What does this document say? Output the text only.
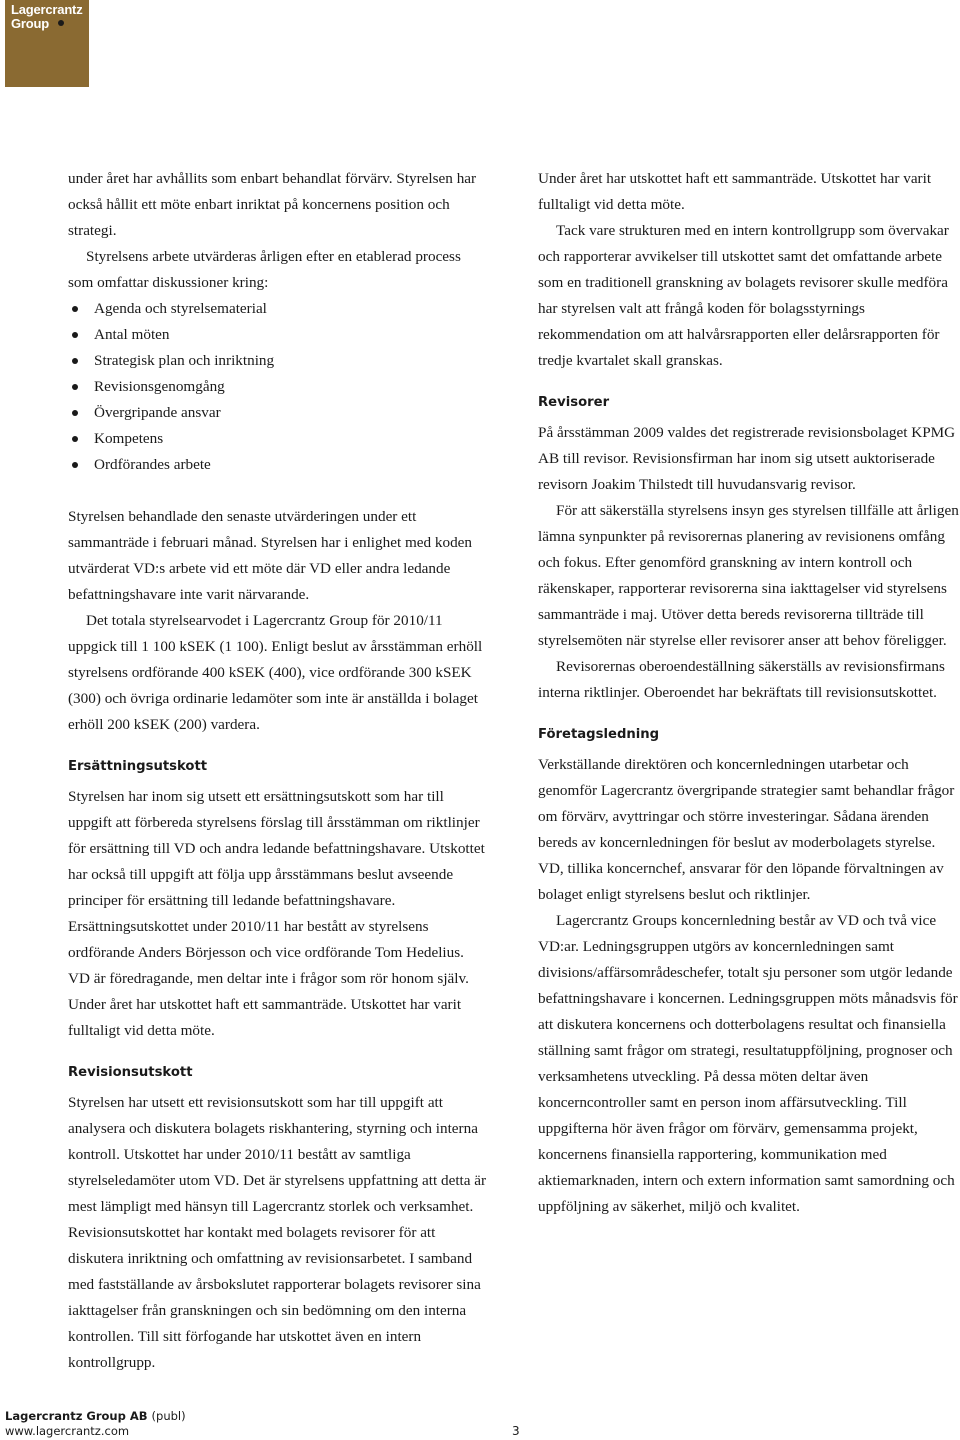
Lagercrantz
Group

under året har avhållits som enbart behandlat förvärv. Styrelsen har också hållit ett möte enbart inriktat på koncernens position och strategi.

Styrelsens arbete utvärderas årligen efter en etablerad process som omfattar diskussioner kring:

Agenda och styrelsematerial
Antal möten
Strategisk plan och inriktning
Revisionsgenomgång
Övergripande ansvar
Kompetens
Ordförandes arbete

Styrelsen behandlade den senaste utvärderingen under ett sammanträde i februari månad. Styrelsen har i enlighet med koden utvärderat VD:s arbete vid ett möte där VD eller andra ledande befattningshavare inte varit närvarande.

Det totala styrelsearvodet i Lagercrantz Group för 2010/11 uppgick till 1 100 kSEK (1 100). Enligt beslut av årsstämman erhöll styrelsens ordförande 400 kSEK (400), vice ordförande 300 kSEK (300) och övriga ordinarie ledamöter som inte är anställda i bolaget erhöll 200 kSEK (200) vardera.

Ersättningsutskott

Styrelsen har inom sig utsett ett ersättningsutskott som har till uppgift att förbereda styrelsens förslag till årsstämman om riktlinjer för ersättning till VD och andra ledande befattningshavare. Utskottet har också till uppgift att följa upp årsstämmans beslut avseende principer för ersättning till ledande befattningshavare. Ersättningsutskottet under 2010/11 har bestått av styrelsens ordförande Anders Börjesson och vice ordförande Tom Hedelius. VD är föredragande, men deltar inte i frågor som rör honom själv. Under året har utskottet haft ett sammanträde. Utskottet har varit fulltaligt vid detta möte.

Revisionsutskott

Styrelsen har utsett ett revisionsutskott som har till uppgift att analysera och diskutera bolagets riskhantering, styrning och interna kontroll. Utskottet har under 2010/11 bestått av samtliga styrelseledamöter utom VD. Det är styrelsens uppfattning att detta är mest lämpligt med hänsyn till Lagercrantz storlek och verksamhet. Revisionsutskottet har kontakt med bolagets revisorer för att diskutera inriktning och omfattning av revisionsarbetet. I samband med fastställande av årsbokslutet rapporterar bolagets revisorer sina iakttagelser från granskningen och sin bedömning om den interna kontrollen. Till sitt förfogande har utskottet även en intern kontrollgrupp.

Under året har utskottet haft ett sammanträde. Utskottet har varit fulltaligt vid detta möte.

Tack vare strukturen med en intern kontrollgrupp som övervakar och rapporterar avvikelser till utskottet samt det omfattande arbete som en traditionell granskning av bolagets revisorer skulle medföra har styrelsen valt att frångå koden för bolagsstyrnings rekommendation om att halvårsrapporten eller delårsrapporten för tredje kvartalet skall granskas.

Revisorer

På årsstämman 2009 valdes det registrerade revisionsbolaget KPMG AB till revisor. Revisionsfirman har inom sig utsett auktoriserade revisorn Joakim Thilstedt till huvudansvarig revisor.

För att säkerställa styrelsens insyn ges styrelsen tillfälle att årligen lämna synpunkter på revisorernas planering av revisionens omfång och fokus. Efter genomförd granskning av intern kontroll och räkenskaper, rapporterar revisorerna sina iakttagelser vid styrelsens sammanträde i maj. Utöver detta bereds revisorerna tillträde till styrelsemöten när styrelse eller revisorer anser att behov föreligger.

Revisorernas oberoendeställning säkerställs av revisionsfirmans interna riktlinjer. Oberoendet har bekräftats till revisionsutskottet.

Företagsledning

Verkställande direktören och koncernledningen utarbetar och genomför Lagercrantz övergripande strategier samt behandlar frågor om förvärv, avyttringar och större investeringar. Sådana ärenden bereds av koncernledningen för beslut av moderbolagets styrelse. VD, tillika koncernchef, ansvarar för den löpande förvaltningen av bolaget enligt styrelsens beslut och riktlinjer.

Lagercrantz Groups koncernledning består av VD och två vice VD:ar. Ledningsgruppen utgörs av koncernledningen samt divisions/affärsområdeschefer, totalt sju personer som utgör ledande befattningshavare i koncernen. Ledningsgruppen möts månadsvis för att diskutera koncernens och dotterbolagens resultat och finansiella ställning samt frågor om strategi, resultatuppföljning, prognoser och verksamhetens utveckling. På dessa möten deltar även koncerncontroller samt en person inom affärsutveckling. Till uppgifterna hör även frågor om förvärv, gemensamma projekt, koncernens finansiella rapportering, kommunikation med aktiemarknaden, intern och extern information samt samordning och uppföljning av säkerhet, miljö och kvalitet.

Lagercrantz Group AB (publ)
www.lagercrantz.com	3
